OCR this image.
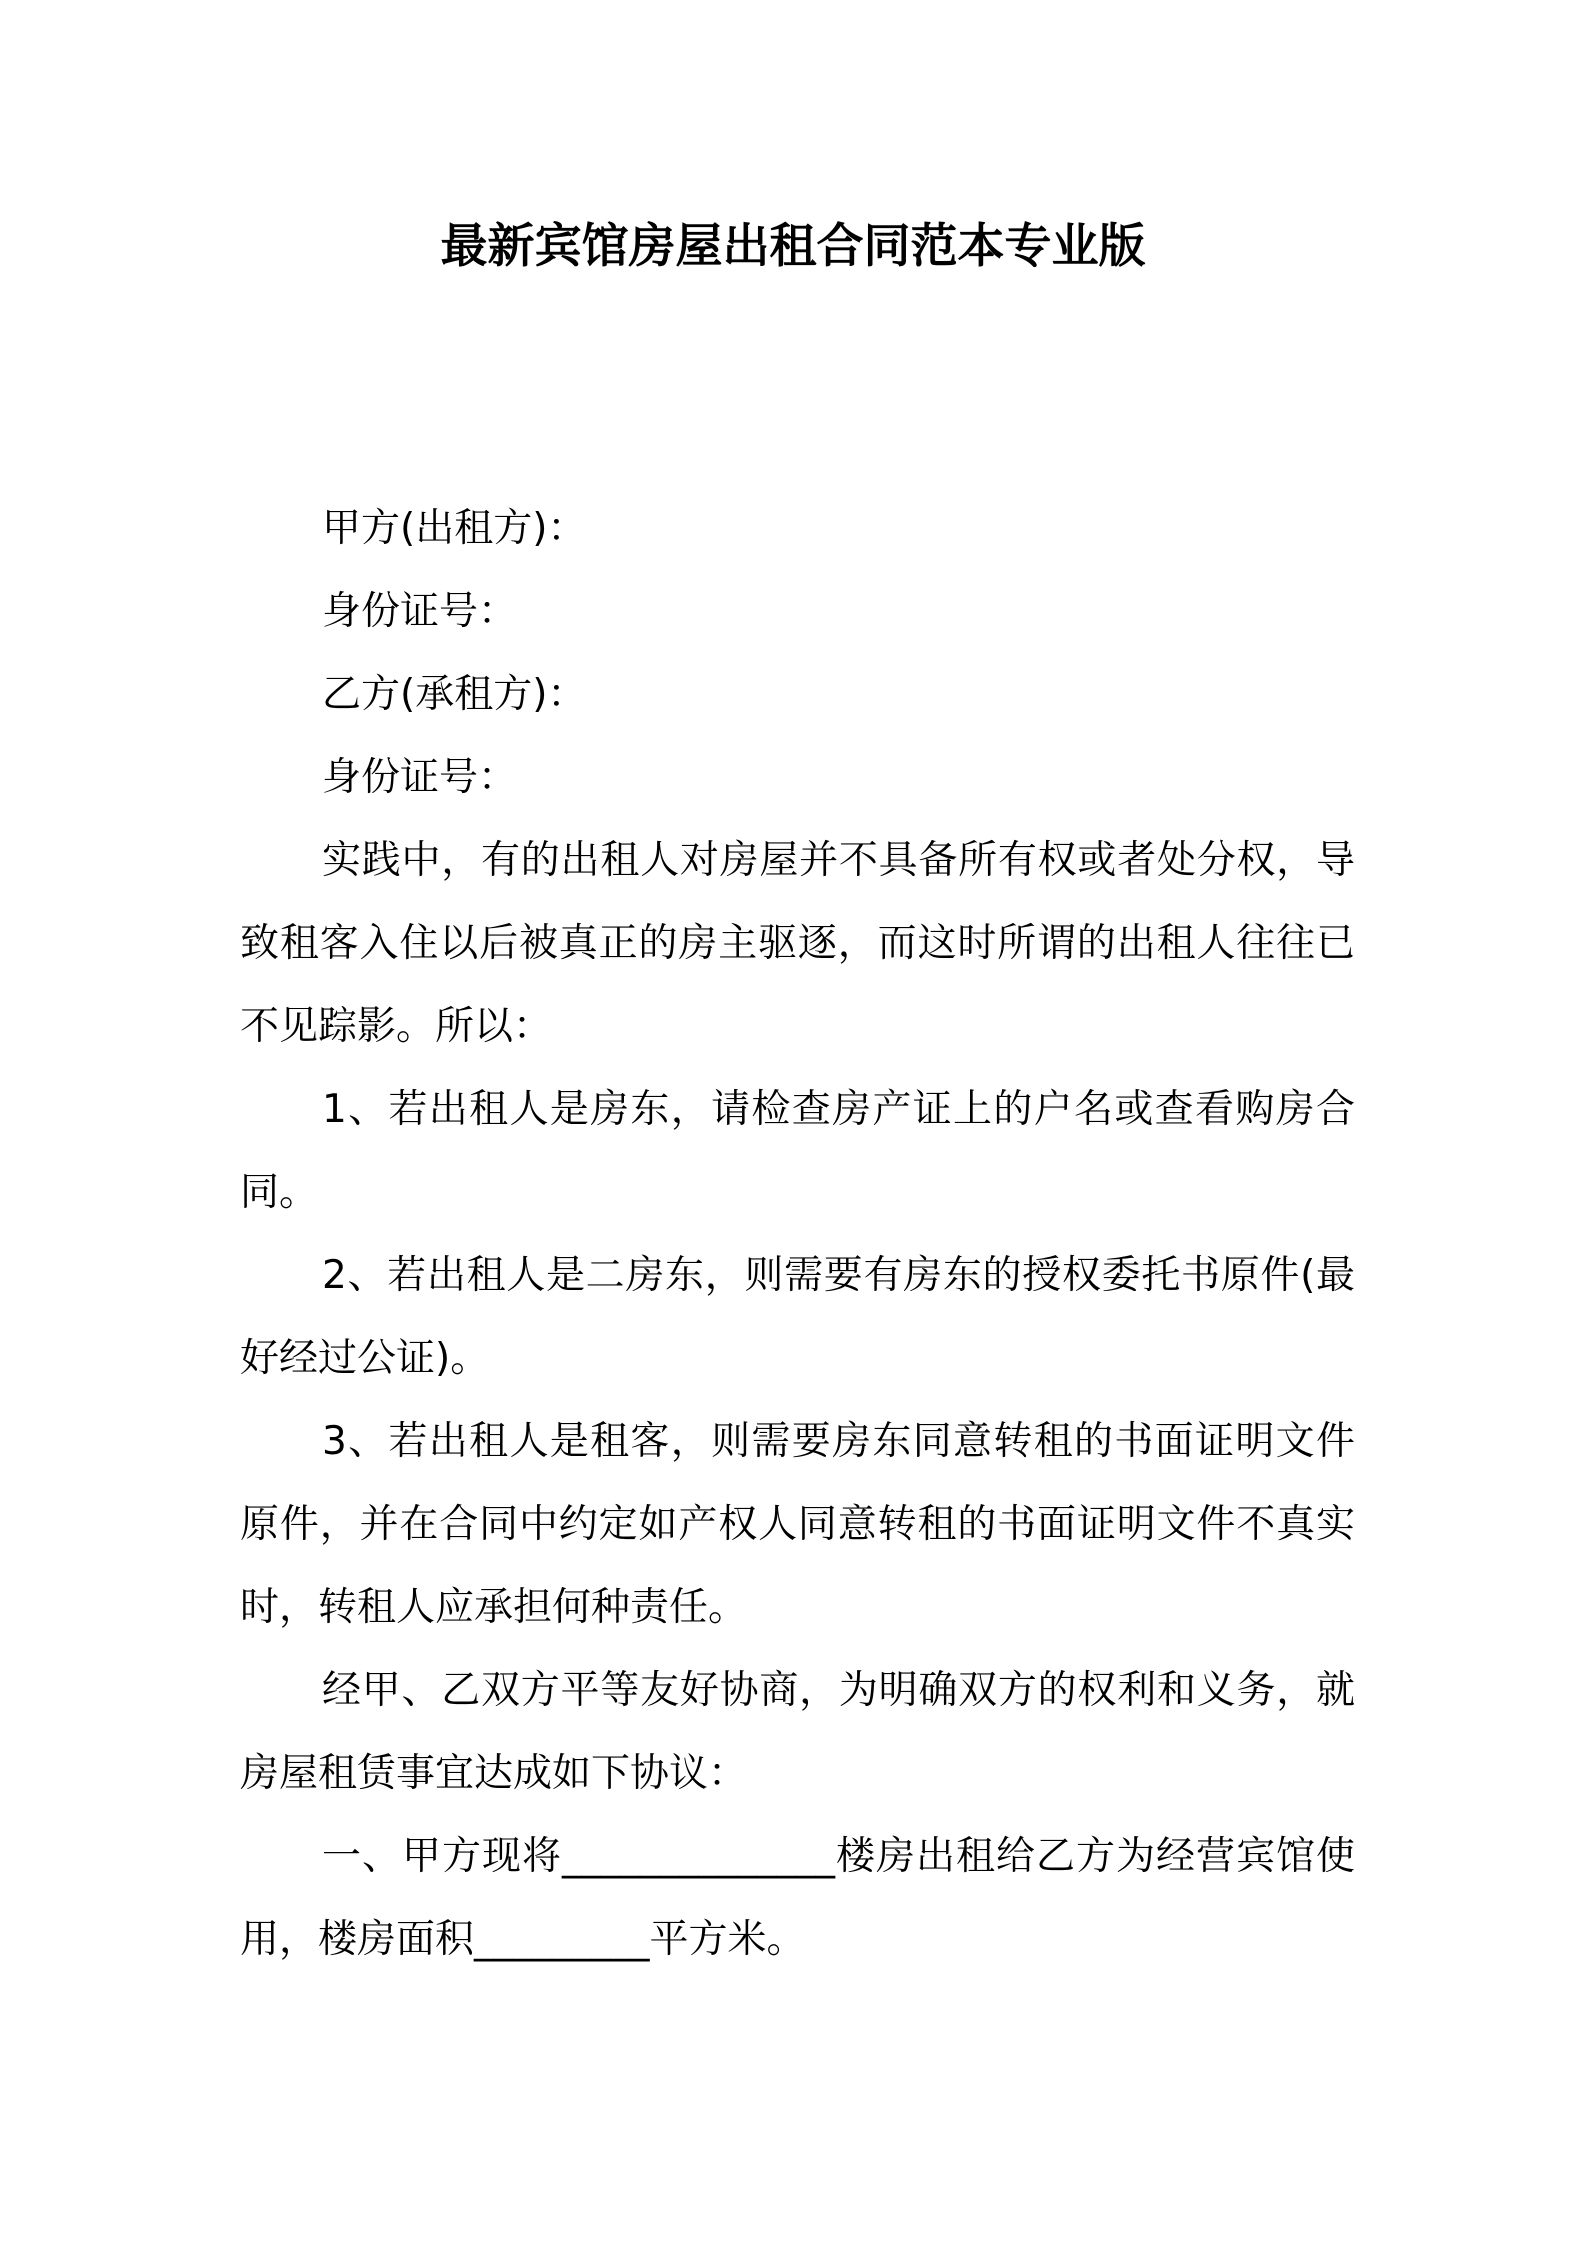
最新宾馆房屋出租合同范本专业版

甲方(出租方)：

身份证号：

乙方(承租方)：

身份证号：

实践中，有的出租人对房屋并不具备所有权或者处分权，导致租客入住以后被真正的房主驱逐，而这时所谓的出租人往往已不见踪影。所以：

1、若出租人是房东，请检查房产证上的户名或查看购房合同。

2、若出租人是二房东，则需要有房东的授权委托书原件(最好经过公证)。

3、若出租人是租客，则需要房东同意转租的书面证明文件原件，并在合同中约定如产权人同意转租的书面证明文件不真实时，转租人应承担何种责任。

经甲、乙双方平等友好协商，为明确双方的权利和义务，就房屋租赁事宜达成如下协议：

一、甲方现将______________楼房出租给乙方为经营宾馆使用，楼房面积_________平方米。
